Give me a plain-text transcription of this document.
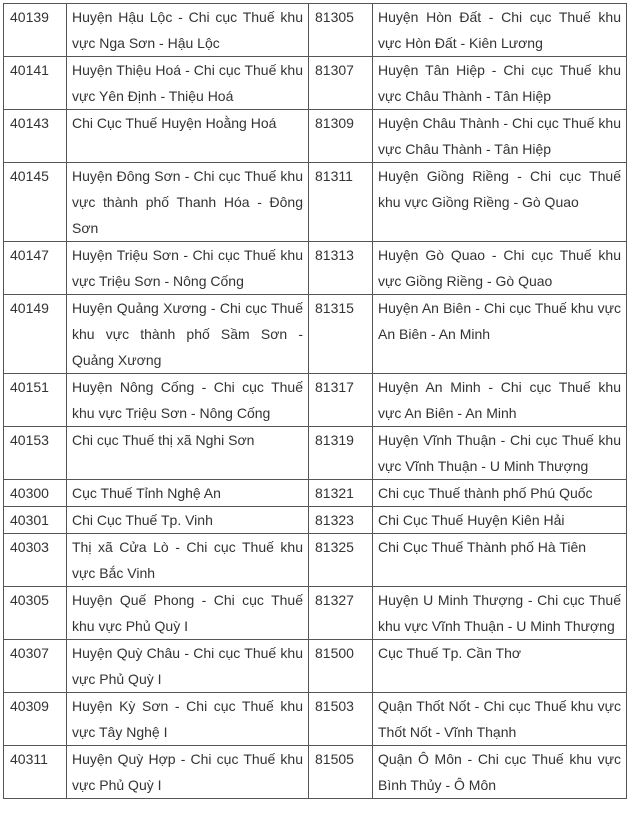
40139	Huyện Hậu Lộc - Chi cục Thuế khu vực Nga Sơn - Hậu Lộc	81305	Huyện Hòn Đất - Chi cục Thuế khu vực Hòn Đất - Kiên Lương
40141	Huyện Thiệu Hoá - Chi cục Thuế khu vực Yên Định - Thiệu Hoá	81307	Huyện Tân Hiệp - Chi cục Thuế khu vực Châu Thành - Tân Hiệp
40143	Chi Cục Thuế Huyện Hoằng Hoá	81309	Huyện Châu Thành - Chi cục Thuế khu vực Châu Thành - Tân Hiệp
40145	Huyện Đông Sơn - Chi cục Thuế khu vực thành phố Thanh Hóa - Đông Sơn	81311	Huyện Giồng Riềng - Chi cục Thuế khu vực Giồng Riềng - Gò Quao
40147	Huyện Triệu Sơn - Chi cục Thuế khu vực Triệu Sơn - Nông Cống	81313	Huyện Gò Quao - Chi cục Thuế khu vực Giồng Riềng - Gò Quao
40149	Huyện Quảng Xương - Chi cục Thuế khu vực thành phố Sầm Sơn - Quảng Xương	81315	Huyện An Biên - Chi cục Thuế khu vực An Biên - An Minh
40151	Huyện Nông Cống - Chi cục Thuế khu vực Triệu Sơn - Nông Cống	81317	Huyện An Minh - Chi cục Thuế khu vực An Biên - An Minh
40153	Chi cục Thuế thị xã Nghi Sơn	81319	Huyện Vĩnh Thuận - Chi cục Thuế khu vực Vĩnh Thuận - U Minh Thượng
40300	Cục Thuế Tỉnh Nghệ An	81321	Chi cục Thuế thành phố Phú Quốc
40301	Chi Cục Thuế Tp. Vinh	81323	Chi Cục Thuế Huyện Kiên Hải
40303	Thị xã Cửa Lò - Chi cục Thuế khu vực Bắc Vinh	81325	Chi Cục Thuế Thành phố Hà Tiên
40305	Huyện Quế Phong - Chi cục Thuế khu vực Phủ Quỳ I	81327	Huyện U Minh Thượng - Chi cục Thuế khu vực Vĩnh Thuận - U Minh Thượng
40307	Huyện Quỳ Châu - Chi cục Thuế khu vực Phủ Quỳ I	81500	Cục Thuế Tp. Cần Thơ
40309	Huyện Kỳ Sơn - Chi cục Thuế khu vực Tây Nghệ I	81503	Quận Thốt Nốt - Chi cục Thuế khu vực Thốt Nốt - Vĩnh Thạnh
40311	Huyện Quỳ Hợp - Chi cục Thuế khu vực Phủ Quỳ I	81505	Quận Ô Môn - Chi cục Thuế khu vực Bình Thủy - Ô Môn
